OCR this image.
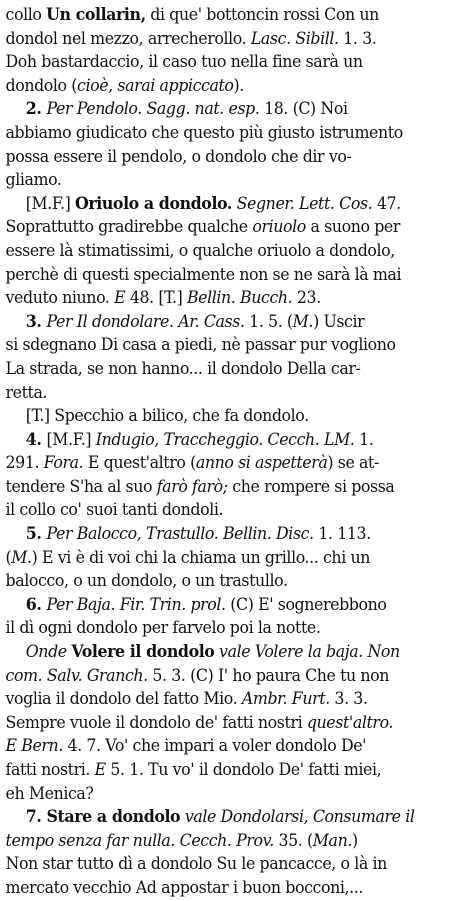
collo Un collarin, di que' bottoncin rossi Con un
dondol nel mezzo, arrecherollo. Lasc. Sibill. 1. 3.
Doh bastardaccio, il caso tuo nella fine sarà un
dondolo (cioè, sarai appiccato).
2. Per Pendolo. Sagg. nat. esp. 18. (C) Noi
abbiamo giudicato che questo più giusto istrumento
possa essere il pendolo, o dondolo che dir vo-
gliamo.
[M.F.] Oriuolo a dondolo. Segner. Lett. Cos. 47.
Soprattutto gradirebbe qualche oriuolo a suono per
essere là stimatissimi, o qualche oriuolo a dondolo,
perchè di questi specialmente non se ne sarà là mai
veduto niuno. E 48. [T.] Bellin. Bucch. 23.
3. Per Il dondolare. Ar. Cass. 1. 5. (M.) Uscir
si sdegnano Di casa a piedi, nè passar pur vogliono
La strada, se non hanno... il dondolo Della car-
retta.
[T.] Specchio a bilico, che fa dondolo.
4. [M.F.] Indugio, Traccheggio. Cecch. LM. 1.
291. Fora. E quest'altro (anno si aspetterà) se at-
tendere S'ha al suo farò farò; che rompere si possa
il collo co' suoi tanti dondoli.
5. Per Balocco, Trastullo. Bellin. Disc. 1. 113.
(M.) E vi è di voi chi la chiama un grillo... chi un
balocco, o un dondolo, o un trastullo.
6. Per Baja. Fir. Trin. prol. (C) E' sognerebbono
il dì ogni dondolo per farvelo poi la notte.
Onde Volere il dondolo vale Volere la baja. Non
com. Salv. Granch. 5. 3. (C) I' ho paura Che tu non
voglia il dondolo del fatto Mio. Ambr. Furt. 3. 3.
Sempre vuole il dondolo de' fatti nostri quest'altro.
E Bern. 4. 7. Vo' che impari a voler dondolo De'
fatti nostri. E 5. 1. Tu vo' il dondolo De' fatti miei,
eh Menica?
7. Stare a dondolo vale Dondolarsi, Consumare il
tempo senza far nulla. Cecch. Prov. 35. (Man.)
Non star tutto dì a dondolo Su le pancacce, o là in
mercato vecchio Ad appostar i buon bocconi,...
